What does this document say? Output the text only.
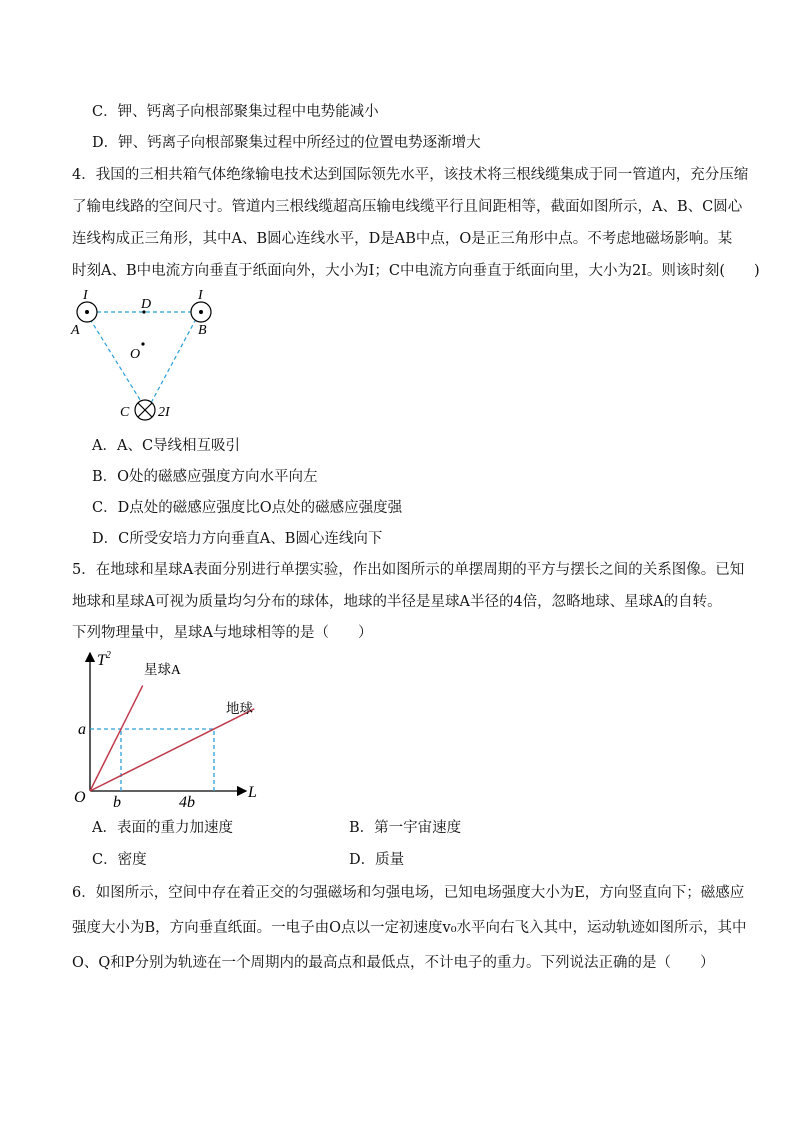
C．钾、钙离子向根部聚集过程中电势能减小
D．钾、钙离子向根部聚集过程中所经过的位置电势逐渐增大
4．我国的三相共箱气体绝缘输电技术达到国际领先水平，该技术将三根线缆集成于同一管道内，充分压缩
了输电线路的空间尺寸。管道内三根线缆超高压输电线缆平行且间距相等，截面如图所示，A、B、C圆心
连线构成正三角形，其中A、B圆心连线水平，D是AB中点，O是正三角形中点。不考虑地磁场影响。某
时刻A、B中电流方向垂直于纸面向外，大小为I；C中电流方向垂直于纸面向里，大小为2I。则该时刻(　　)
I	I
A	B
D
O
C 2I
A．A、C导线相互吸引
B．O处的磁感应强度方向水平向左
C．D点处的磁感应强度比O点处的磁感应强度强
D．C所受安培力方向垂直A、B圆心连线向下
5．在地球和星球A表面分别进行单摆实验，作出如图所示的单摆周期的平方与摆长之间的关系图像。已知
地球和星球A可视为质量均匀分布的球体，地球的半径是星球A半径的4倍，忽略地球、星球A的自转。
下列物理量中，星球A与地球相等的是（　　）
$T^2$
L
O
a
b	4b
星球A
地球
A．表面的重力加速度	B．第一宇宙速度
C．密度	D．质量
6．如图所示，空间中存在着正交的匀强磁场和匀强电场，已知电场强度大小为E，方向竖直向下；磁感应
强度大小为B，方向垂直纸面。一电子由O点以一定初速度v₀水平向右飞入其中，运动轨迹如图所示，其中
O、Q和P分别为轨迹在一个周期内的最高点和最低点，不计电子的重力。下列说法正确的是（　　）
